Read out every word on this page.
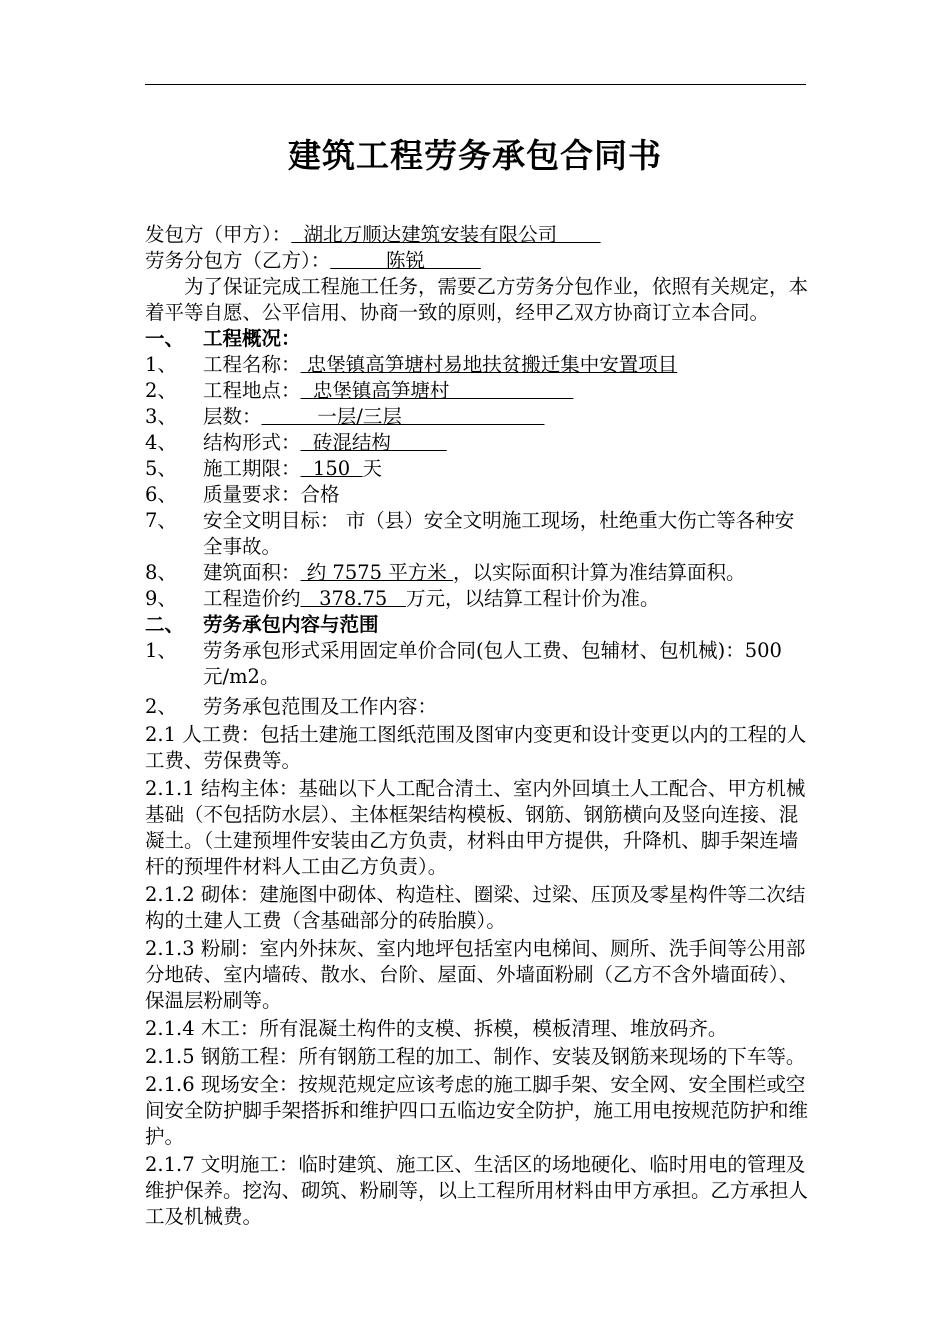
建筑工程劳务承包合同书
发包方（甲方）：  湖北万顺达建筑安装有限公司
劳务分包方（乙方）：         陈锐
为了保证完成工程施工任务，需要乙方劳务分包作业，依照有关规定，本着平等自愿、公平信用、协商一致的原则，经甲乙双方协商订立本合同。
一、 工程概况：
1、	工程名称： 忠堡镇高笋塘村易地扶贫搬迁集中安置项目
2、	工程地点：  忠堡镇高笋塘村
3、	层数：         一层/三层
4、	结构形式：  砖混结构
5、	施工期限：  150  天
6、	质量要求：合格
7、	安全文明目标： 市（县）安全文明施工现场，杜绝重大伤亡等各种安全事故。
8、	建筑面积： 约 7575 平方米 ，以实际面积计算为准结算面积。
9、	工程造价约   378.75   万元，以结算工程计价为准。
二、 劳务承包内容与范围
1、	劳务承包形式采用固定单价合同(包人工费、包辅材、包机械)：500 元/m2。
2、	劳务承包范围及工作内容：
2.1 人工费：包括土建施工图纸范围及图审内变更和设计变更以内的工程的人工费、劳保费等。
2.1.1 结构主体：基础以下人工配合清土、室内外回填土人工配合、甲方机械基础（不包括防水层）、主体框架结构模板、钢筋、钢筋横向及竖向连接、混凝土。（土建预埋件安装由乙方负责，材料由甲方提供，升降机、脚手架连墙杆的预埋件材料人工由乙方负责）。
2.1.2 砌体：建施图中砌体、构造柱、圈梁、过梁、压顶及零星构件等二次结构的土建人工费（含基础部分的砖胎膜）。
2.1.3 粉刷：室内外抹灰、室内地坪包括室内电梯间、厕所、洗手间等公用部分地砖、室内墙砖、散水、台阶、屋面、外墙面粉刷（乙方不含外墙面砖）、保温层粉刷等。
2.1.4 木工：所有混凝土构件的支模、拆模，模板清理、堆放码齐。
2.1.5 钢筋工程：所有钢筋工程的加工、制作、安装及钢筋来现场的下车等。
2.1.6 现场安全：按规范规定应该考虑的施工脚手架、安全网、安全围栏或空间安全防护脚手架搭拆和维护四口五临边安全防护，施工用电按规范防护和维护。
2.1.7 文明施工：临时建筑、施工区、生活区的场地硬化、临时用电的管理及维护保养。挖沟、砌筑、粉刷等，以上工程所用材料由甲方承担。乙方承担人工及机械费。
